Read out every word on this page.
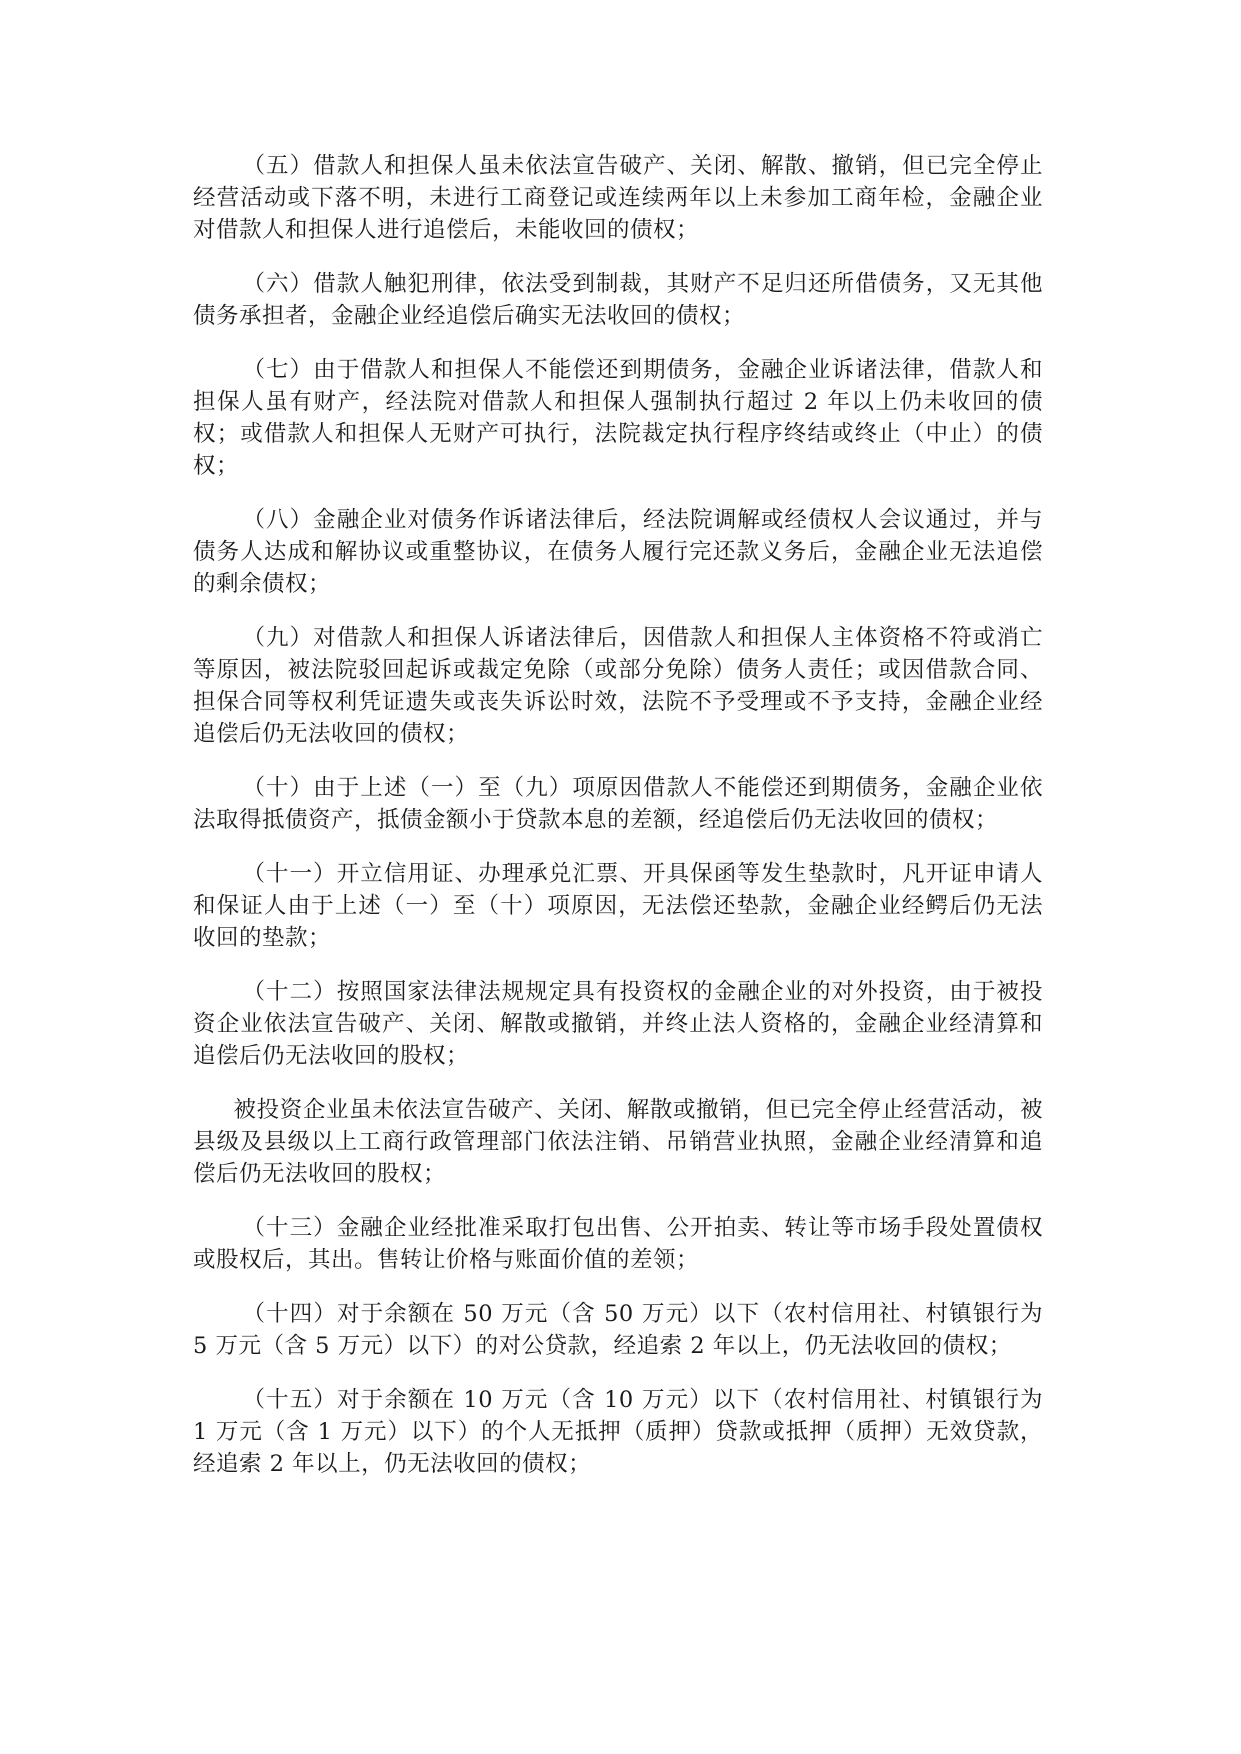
（五）借款人和担保人虽未依法宣告破产、关闭、解散、撤销，但已完全停止经营活动或下落不明，未进行工商登记或连续两年以上未参加工商年检，金融企业对借款人和担保人进行追偿后，未能收回的债权；

（六）借款人触犯刑律，依法受到制裁，其财产不足归还所借债务，又无其他债务承担者，金融企业经追偿后确实无法收回的债权；

（七）由于借款人和担保人不能偿还到期债务，金融企业诉诸法律，借款人和担保人虽有财产，经法院对借款人和担保人强制执行超过 2 年以上仍未收回的债权；或借款人和担保人无财产可执行，法院裁定执行程序终结或终止（中止）的债权；

（八）金融企业对债务作诉诸法律后，经法院调解或经债权人会议通过，并与债务人达成和解协议或重整协议，在债务人履行完还款义务后，金融企业无法追偿的剩余债权；

（九）对借款人和担保人诉诸法律后，因借款人和担保人主体资格不符或消亡等原因，被法院驳回起诉或裁定免除（或部分免除）债务人责任；或因借款合同、担保合同等权利凭证遗失或丧失诉讼时效，法院不予受理或不予支持，金融企业经追偿后仍无法收回的债权；

（十）由于上述（一）至（九）项原因借款人不能偿还到期债务，金融企业依法取得抵债资产，抵债金额小于贷款本息的差额，经追偿后仍无法收回的债权；

（十一）开立信用证、办理承兑汇票、开具保函等发生垫款时，凡开证申请人和保证人由于上述（一）至（十）项原因，无法偿还垫款，金融企业经鳄后仍无法收回的垫款；

（十二）按照国家法律法规规定具有投资权的金融企业的对外投资，由于被投资企业依法宣告破产、关闭、解散或撤销，并终止法人资格的，金融企业经清算和追偿后仍无法收回的股权；

被投资企业虽未依法宣告破产、关闭、解散或撤销，但已完全停止经营活动，被县级及县级以上工商行政管理部门依法注销、吊销营业执照，金融企业经清算和追偿后仍无法收回的股权；

（十三）金融企业经批准采取打包出售、公开拍卖、转让等市场手段处置债权或股权后，其出。售转让价格与账面价值的差领；

（十四）对于余额在 50 万元（含 50 万元）以下（农村信用社、村镇银行为 5 万元（含 5 万元）以下）的对公贷款，经追索 2 年以上，仍无法收回的债权；

（十五）对于余额在 10 万元（含 10 万元）以下（农村信用社、村镇银行为 1 万元（含 1 万元）以下）的个人无抵押（质押）贷款或抵押（质押）无效贷款，经追索 2 年以上，仍无法收回的债权；
